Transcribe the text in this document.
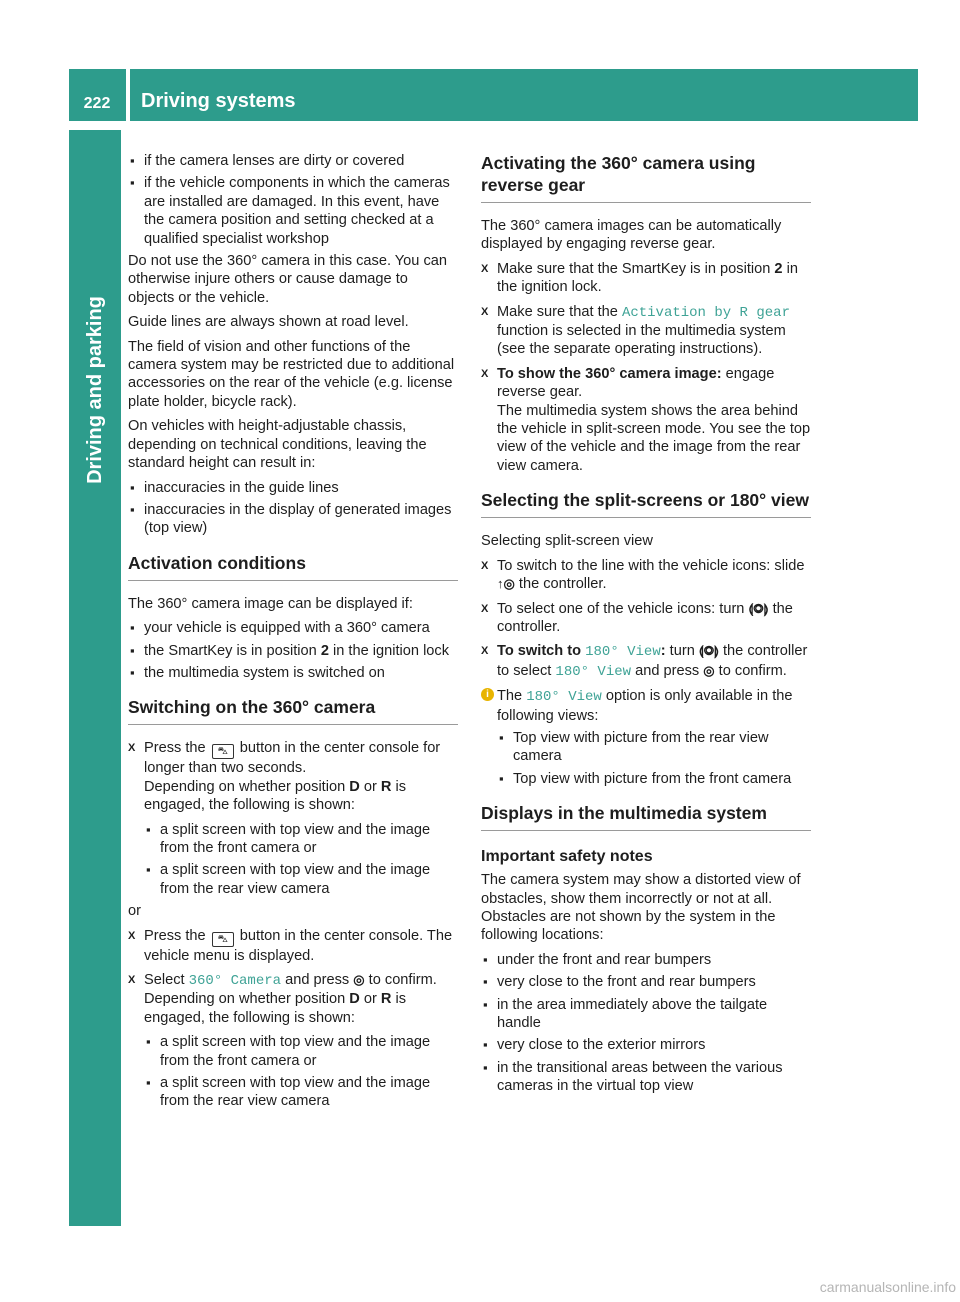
222	Driving systems
Driving and parking
▪ if the camera lenses are dirty or covered
▪ if the vehicle components in which the cameras are installed are damaged. In this event, have the camera position and setting checked at a qualified specialist workshop

Do not use the 360° camera in this case. You can otherwise injure others or cause damage to objects or the vehicle.

Guide lines are always shown at road level.

The field of vision and other functions of the camera system may be restricted due to additional accessories on the rear of the vehicle (e.g. license plate holder, bicycle rack).

On vehicles with height-adjustable chassis, depending on technical conditions, leaving the standard height can result in:

▪ inaccuracies in the guide lines
▪ inaccuracies in the display of generated images (top view)
Activation conditions

The 360° camera image can be displayed if:

▪ your vehicle is equipped with a 360° camera
▪ the SmartKey is in position 2 in the ignition lock
▪ the multimedia system is switched on
Switching on the 360° camera
X Press the ⛍ button in the center console for longer than two seconds.
Depending on whether position D or R is engaged, the following is shown:
▪ a split screen with top view and the image from the front camera or
▪ a split screen with top view and the image from the rear view camera

or

X Press the ⛍ button in the center console. The vehicle menu is displayed.
X Select 360° Camera and press ◎ to confirm.
Depending on whether position D or R is engaged, the following is shown:
▪ a split screen with top view and the image from the front camera or
▪ a split screen with top view and the image from the rear view camera
Activating the 360° camera using reverse gear

The 360° camera images can be automatically displayed by engaging reverse gear.

X Make sure that the SmartKey is in position 2 in the ignition lock.
X Make sure that the Activation by R gear function is selected in the multimedia system (see the separate operating instructions).
X To show the 360° camera image: engage reverse gear.
The multimedia system shows the area behind the vehicle in split-screen mode. You see the top view of the vehicle and the image from the rear view camera.
Selecting the split-screens or 180° view

Selecting split-screen view

X To switch to the line with the vehicle icons: slide ↑◎ the controller.
X To select one of the vehicle icons: turn ⟬◎⟭ the controller.
X To switch to 180° View: turn ⟬◎⟭ the controller to select 180° View and press ◎ to confirm.
i The 180° View option is only available in the following views:
▪ Top view with picture from the rear view camera
▪ Top view with picture from the front camera
Displays in the multimedia system
Important safety notes

The camera system may show a distorted view of obstacles, show them incorrectly or not at all. Obstacles are not shown by the system in the following locations:

▪ under the front and rear bumpers
▪ very close to the front and rear bumpers
▪ in the area immediately above the tailgate handle
▪ very close to the exterior mirrors
▪ in the transitional areas between the various cameras in the virtual top view
carmanualsonline.info
